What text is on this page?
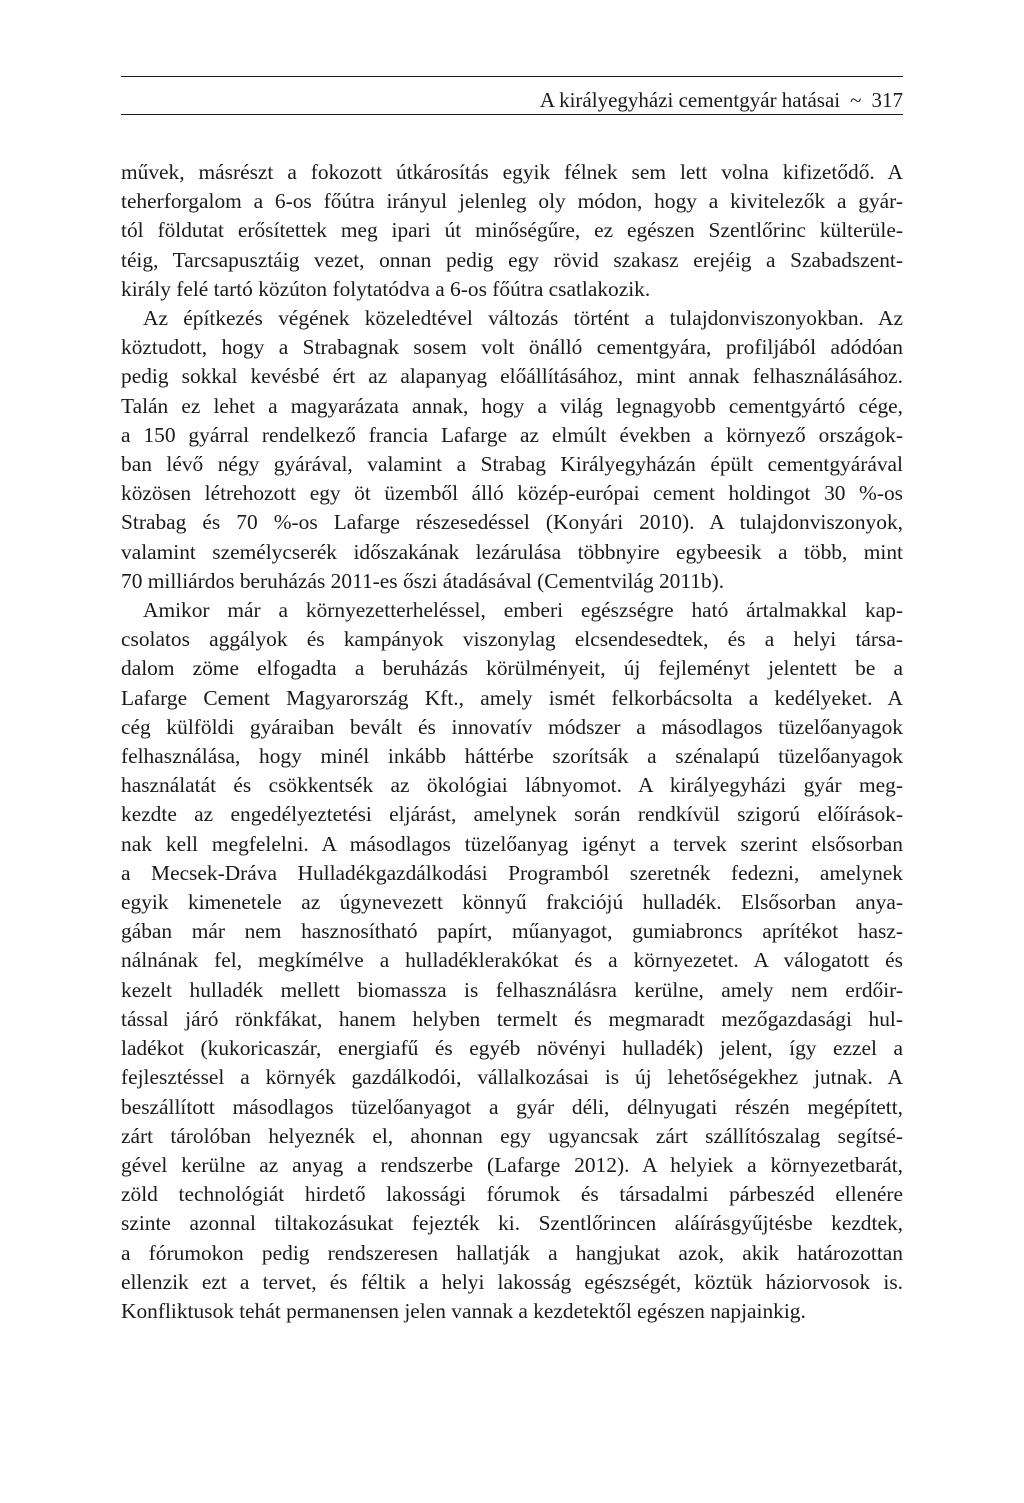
A királyegyházi cementgyár hatásai ~ 317

művek, másrészt a fokozott útkárosítás egyik félnek sem lett volna kifizetődő. A
teherforgalom a 6-os főútra irányul jelenleg oly módon, hogy a kivitelezők a gyár-
tól földutat erősítettek meg ipari út minőségűre, ez egészen Szentlőrinc külterüle-
téig, Tarcsapusztáig vezet, onnan pedig egy rövid szakasz erejéig a Szabadszent-
király felé tartó közúton folytatódva a 6-os főútra csatlakozik.

Az építkezés végének közeledtével változás történt a tulajdonviszonyokban. Az
köztudott, hogy a Strabagnak sosem volt önálló cementgyára, profiljából adódóan
pedig sokkal kevésbé ért az alapanyag előállításához, mint annak felhasználásához.
Talán ez lehet a magyarázata annak, hogy a világ legnagyobb cementgyártó cége,
a 150 gyárral rendelkező francia Lafarge az elmúlt években a környező országok-
ban lévő négy gyárával, valamint a Strabag Királyegyházán épült cementgyárával
közösen létrehozott egy öt üzemből álló közép-európai cement holdingot 30 %-os
Strabag és 70 %-os Lafarge részesedéssel (Konyári 2010). A tulajdonviszonyok,
valamint személycserék időszakának lezárulása többnyire egybeesik a több, mint
70 milliárdos beruházás 2011-es őszi átadásával (Cementvilág 2011b).

Amikor már a környezetterheléssel, emberi egészségre ható ártalmakkal kap-
csolatos aggályok és kampányok viszonylag elcsendesedtek, és a helyi társa-
dalom zöme elfogadta a beruházás körülményeit, új fejleményt jelentett be a
Lafarge Cement Magyarország Kft., amely ismét felkorbácsolta a kedélyeket. A
cég külföldi gyáraiban bevált és innovatív módszer a másodlagos tüzelőanyagok
felhasználása, hogy minél inkább háttérbe szorítsák a szénalapú tüzelőanyagok
használatát és csökkentsék az ökológiai lábnyomot. A királyegyházi gyár meg-
kezdte az engedélyeztetési eljárást, amelynek során rendkívül szigorú előírások-
nak kell megfelelni. A másodlagos tüzelőanyag igényt a tervek szerint elsősorban
a Mecsek-Dráva Hulladékgazdálkodási Programból szeretnék fedezni, amelynek
egyik kimenetele az úgynevezett könnyű frakciójú hulladék. Elsősorban anya-
gában már nem hasznosítható papírt, műanyagot, gumiabroncs aprítékot hasz-
nálnának fel, megkímélve a hulladéklerakókat és a környezetet. A válogatott és
kezelt hulladék mellett biomassza is felhasználásra kerülne, amely nem erdőir-
tással járó rönkfákat, hanem helyben termelt és megmaradt mezőgazdasági hul-
ladékot (kukoricaszár, energiafű és egyéb növényi hulladék) jelent, így ezzel a
fejlesztéssel a környék gazdálkodói, vállalkozásai is új lehetőségekhez jutnak. A
beszállított másodlagos tüzelőanyagot a gyár déli, délnyugati részén megépített,
zárt tárolóban helyeznék el, ahonnan egy ugyancsak zárt szállítószalag segítsé-
gével kerülne az anyag a rendszerbe (Lafarge 2012). A helyiek a környezetbarát,
zöld technológiát hirdető lakossági fórumok és társadalmi párbeszéd ellenére
szinte azonnal tiltakozásukat fejezték ki. Szentlőrincen aláírásgyűjtésbe kezdtek,
a fórumokon pedig rendszeresen hallatják a hangjukat azok, akik határozottan
ellenzik ezt a tervet, és féltik a helyi lakosság egészségét, köztük háziorvosok is.
Konfliktusok tehát permanensen jelen vannak a kezdetektől egészen napjainkig.
